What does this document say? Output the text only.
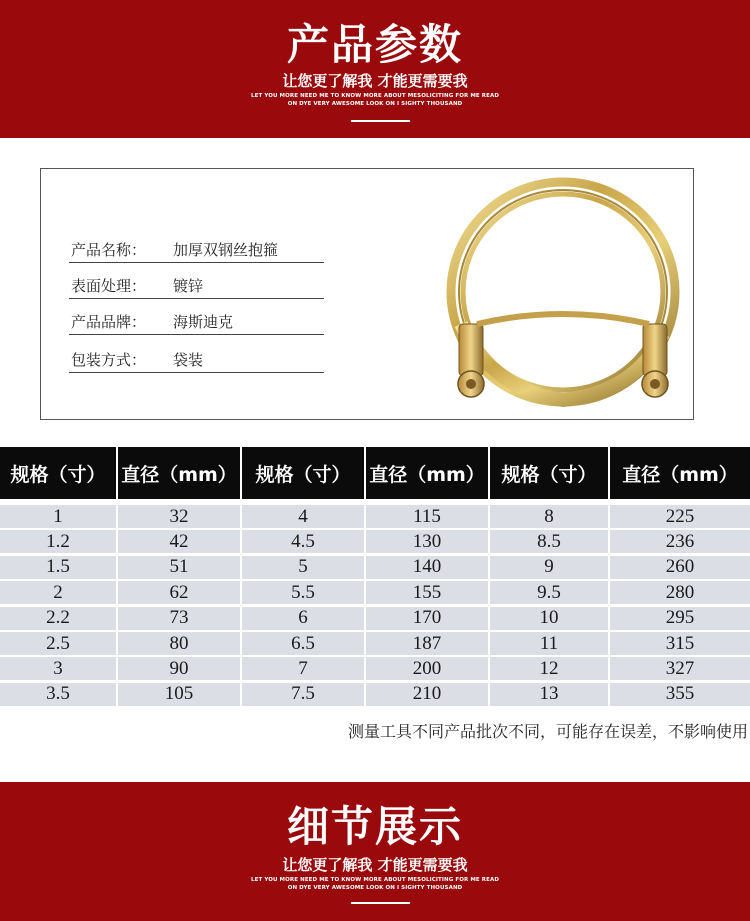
产品参数
让您更了解我 才能更需要我
LET YOU MORE NEED ME TO KNOW MORE ABOUT MESOLICITING FOR ME READ
ON DYE VERY AWESOME LOOK ON I SIGHTY THOUSAND
产品名称： 加厚双钢丝抱箍
表面处理： 镀锌
产品品牌： 海斯迪克
包装方式： 袋装
规格（寸） 直径（mm） 规格（寸） 直径（mm） 规格（寸）	直径（mm）
1	32	4	115	8	225
1.2	42	4.5	130	8.5	236
1.5	51	5	140	9	260
2	62	5.5	155	9.5	280
2.2	73	6	170	10	295
2.5	80	6.5	187	11	315
3	90	7	200	12	327
3.5	105	7.5	210	13	355
测量工具不同产品批次不同，可能存在误差，不影响使用
细节展示
让您更了解我 才能更需要我
LET YOU MORE NEED ME TO KNOW MORE ABOUT MESOLICITING FOR ME READ
ON DYE VERY AWESOME LOOK ON I SIGHTY THOUSAND
